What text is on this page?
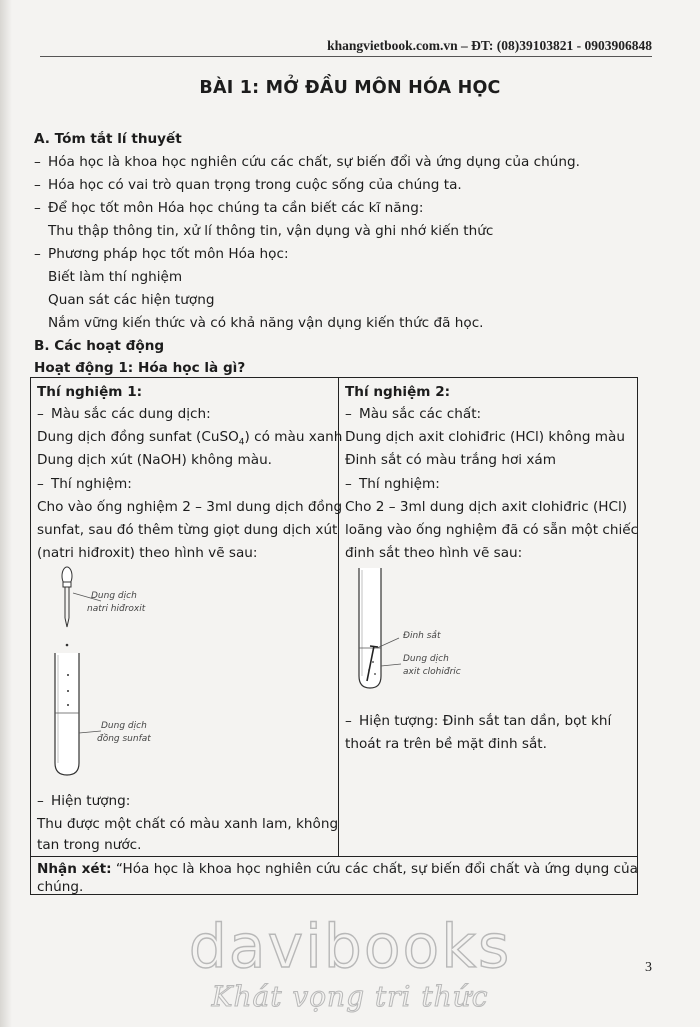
khangvietbook.com.vn – ĐT: (08)39103821 - 0903906848
BÀI 1: MỞ ĐẦU MÔN HÓA HỌC
A. Tóm tắt lí thuyết
– Hóa học là khoa học nghiên cứu các chất, sự biến đổi và ứng dụng của chúng.
– Hóa học có vai trò quan trọng trong cuộc sống của chúng ta.
– Để học tốt môn Hóa học chúng ta cần biết các kĩ năng:
Thu thập thông tin, xử lí thông tin, vận dụng và ghi nhớ kiến thức
– Phương pháp học tốt môn Hóa học:
Biết làm thí nghiệm
Quan sát các hiện tượng
Nắm vững kiến thức và có khả năng vận dụng kiến thức đã học.
B. Các hoạt động
Hoạt động 1: Hóa học là gì?
Thí nghiệm 1:
– Màu sắc các dung dịch:
Dung dịch đồng sunfat (CuSO$_4$) có màu xanh
Dung dịch xút (NaOH) không màu.
– Thí nghiệm:
Cho vào ống nghiệm 2 – 3ml dung dịch đồng
sunfat, sau đó thêm từng giọt dung dịch xút
(natri hiđroxit) theo hình vẽ sau:
Dung dịch
natri hiđroxit
Dung dịch
đồng sunfat
– Hiện tượng:
Thu được một chất có màu xanh lam, không
tan trong nước.
Thí nghiệm 2:
– Màu sắc các chất:
Dung dịch axit clohiđric (HCl) không màu
Đinh sắt có màu trắng hơi xám
– Thí nghiệm:
Cho 2 – 3ml dung dịch axit clohiđric (HCl)
loãng vào ống nghiệm đã có sẵn một chiếc
đinh sắt theo hình vẽ sau:
Đinh sắt
Dung dịch
axit clohiđric
– Hiện tượng: Đinh sắt tan dần, bọt khí
thoát ra trên bề mặt đinh sắt.
Nhận xét: “Hóa học là khoa học nghiên cứu các chất, sự biến đổi chất và ứng dụng của
chúng.
davibooks
Khát vọng tri thức
3
